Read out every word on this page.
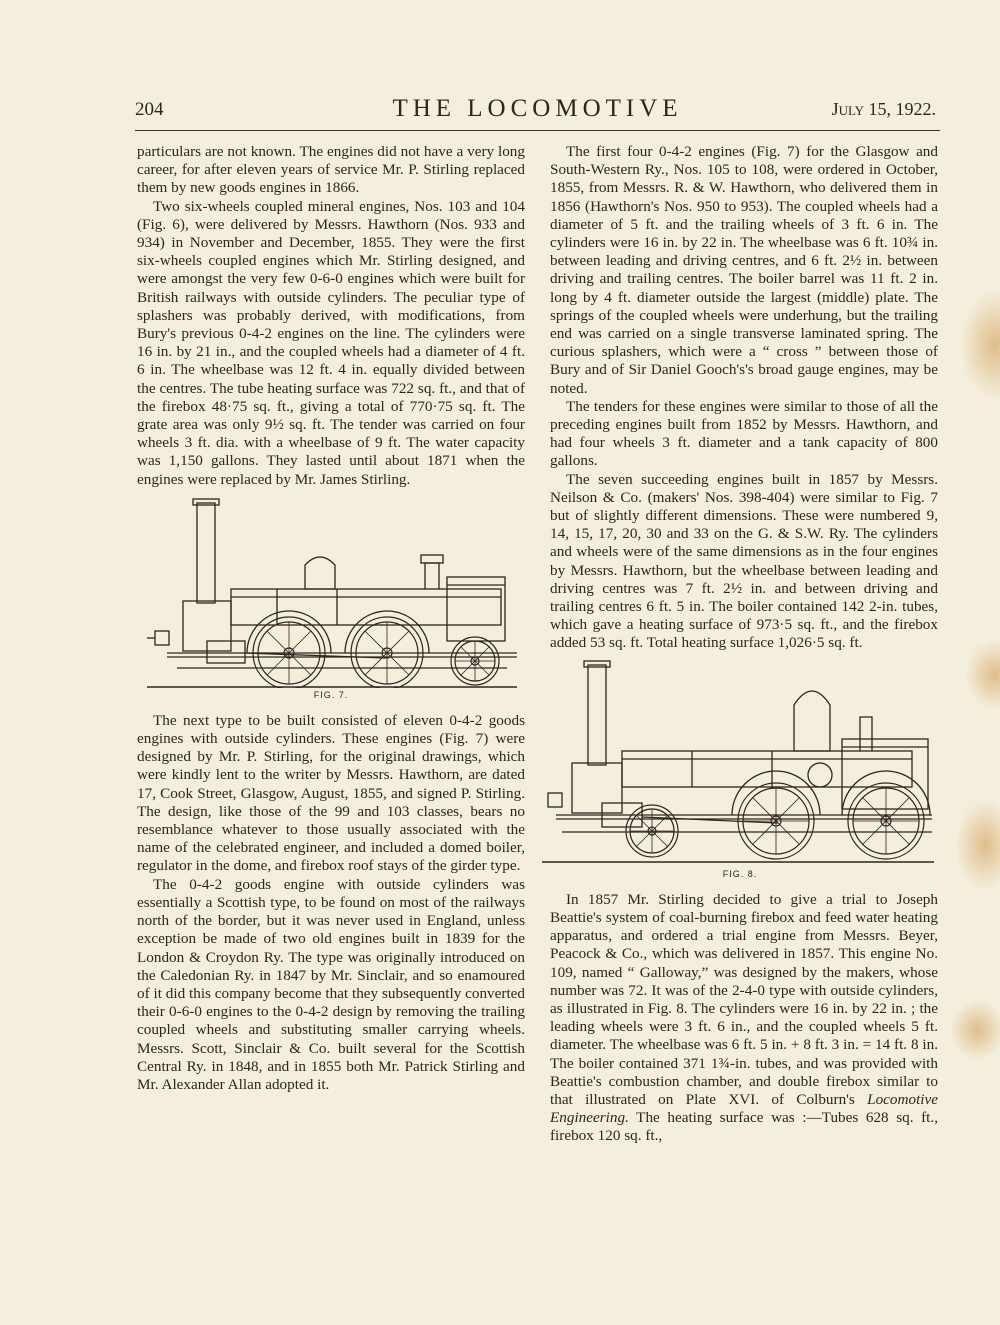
204	THE LOCOMOTIVE	July 15, 1922.

particulars are not known. The engines did not have a very long career, for after eleven years of service Mr. P. Stirling replaced them by new goods engines in 1866.

Two six-wheels coupled mineral engines, Nos. 103 and 104 (Fig. 6), were delivered by Messrs. Hawthorn (Nos. 933 and 934) in November and December, 1855. They were the first six-wheels coupled engines which Mr. Stirling designed, and were amongst the very few 0-6-0 engines which were built for British railways with outside cylinders. The peculiar type of splashers was probably derived, with modifications, from Bury's previous 0-4-2 engines on the line. The cylinders were 16 in. by 21 in., and the coupled wheels had a diameter of 4 ft. 6 in. The wheelbase was 12 ft. 4 in. equally divided between the centres. The tube heating surface was 722 sq. ft., and that of the firebox 48·75 sq. ft., giving a total of 770·75 sq. ft. The grate area was only 9½ sq. ft. The tender was carried on four wheels 3 ft. dia. with a wheelbase of 9 ft. The water capacity was 1,150 gallons. They lasted until about 1871 when the engines were replaced by Mr. James Stirling.

FIG. 7.

The next type to be built consisted of eleven 0-4-2 goods engines with outside cylinders. These engines (Fig. 7) were designed by Mr. P. Stirling, for the original drawings, which were kindly lent to the writer by Messrs. Hawthorn, are dated 17, Cook Street, Glasgow, August, 1855, and signed P. Stirling. The design, like those of the 99 and 103 classes, bears no resemblance whatever to those usually associated with the name of the celebrated engineer, and included a domed boiler, regulator in the dome, and firebox roof stays of the girder type.

The 0-4-2 goods engine with outside cylinders was essentially a Scottish type, to be found on most of the railways north of the border, but it was never used in England, unless exception be made of two old engines built in 1839 for the London & Croydon Ry. The type was originally introduced on the Caledonian Ry. in 1847 by Mr. Sinclair, and so enamoured of it did this company become that they subsequently converted their 0-6-0 engines to the 0-4-2 design by removing the trailing coupled wheels and substituting smaller carrying wheels. Messrs. Scott, Sinclair & Co. built several for the Scottish Central Ry. in 1848, and in 1855 both Mr. Patrick Stirling and Mr. Alexander Allan adopted it.

The first four 0-4-2 engines (Fig. 7) for the Glasgow and South-Western Ry., Nos. 105 to 108, were ordered in October, 1855, from Messrs. R. & W. Hawthorn, who delivered them in 1856 (Hawthorn's Nos. 950 to 953). The coupled wheels had a diameter of 5 ft. and the trailing wheels of 3 ft. 6 in. The cylinders were 16 in. by 22 in. The wheelbase was 6 ft. 10¾ in. between leading and driving centres, and 6 ft. 2½ in. between driving and trailing centres. The boiler barrel was 11 ft. 2 in. long by 4 ft. diameter outside the largest (middle) plate. The springs of the coupled wheels were underhung, but the trailing end was carried on a single transverse laminated spring. The curious splashers, which were a “ cross ” between those of Bury and of Sir Daniel Gooch's's broad gauge engines, may be noted.

The tenders for these engines were similar to those of all the preceding engines built from 1852 by Messrs. Hawthorn, and had four wheels 3 ft. diameter and a tank capacity of 800 gallons.

The seven succeeding engines built in 1857 by Messrs. Neilson & Co. (makers' Nos. 398-404) were similar to Fig. 7 but of slightly different dimensions. These were numbered 9, 14, 15, 17, 20, 30 and 33 on the G. & S.W. Ry. The cylinders and wheels were of the same dimensions as in the four engines by Messrs. Hawthorn, but the wheelbase between leading and driving centres was 7 ft. 2½ in. and between driving and trailing centres 6 ft. 5 in. The boiler contained 142 2-in. tubes, which gave a heating surface of 973·5 sq. ft., and the firebox added 53 sq. ft. Total heating surface 1,026·5 sq. ft.

FIG. 8.

In 1857 Mr. Stirling decided to give a trial to Joseph Beattie's system of coal-burning firebox and feed water heating apparatus, and ordered a trial engine from Messrs. Beyer, Peacock & Co., which was delivered in 1857. This engine No. 109, named “ Galloway,” was designed by the makers, whose number was 72. It was of the 2-4-0 type with outside cylinders, as illustrated in Fig. 8. The cylinders were 16 in. by 22 in. ; the leading wheels were 3 ft. 6 in., and the coupled wheels 5 ft. diameter. The wheelbase was 6 ft. 5 in. + 8 ft. 3 in. = 14 ft. 8 in. The boiler contained 371 1¾-in. tubes, and was provided with Beattie's combustion chamber, and double firebox similar to that illustrated on Plate XVI. of Colburn's Locomotive Engineering. The heating surface was :—Tubes 628 sq. ft., firebox 120 sq. ft.,
